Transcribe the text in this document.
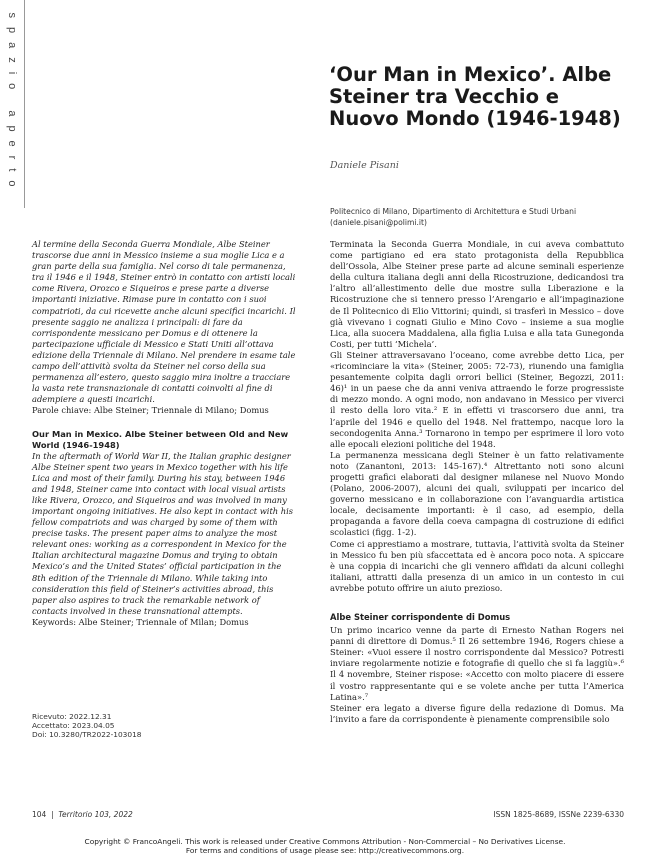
spazio aperto	‘Our Man in Mexico’. Albe Steiner tra Vecchio e Nuovo Mondo (1946-1948)
Daniele Pisani
Politecnico di Milano, Dipartimento di Architettura e Studi Urbani
(daniele.pisani@polimi.it)

Al termine della Seconda Guerra Mondiale, Albe Steiner trascorse due anni in Messico insieme a sua moglie Lica e a gran parte della sua famiglia. Nel corso di tale permanenza, tra il 1946 e il 1948, Steiner entrò in contatto con artisti locali come Rivera, Orozco e Siqueiros e prese parte a diverse importanti iniziative. Rimase pure in contatto con i suoi compatrioti, da cui ricevette anche alcuni specifici incarichi. Il presente saggio ne analizza i principali: di fare da corrispondente messicano per Domus e di ottenere la partecipazione ufficiale di Messico e Stati Uniti all’ottava edizione della Triennale di Milano. Nel prendere in esame tale campo dell’attività svolta da Steiner nel corso della sua permanenza all’estero, questo saggio mira inoltre a tracciare la vasta rete transnazionale di contatti coinvolti al fine di adempiere a questi incarichi.

Parole chiave: Albe Steiner; Triennale di Milano; Domus

Our Man in Mexico. Albe Steiner between Old and New World (1946-1948)

In the aftermath of World War II, the Italian graphic designer Albe Steiner spent two years in Mexico together with his life Lica and most of their family. During his stay, between 1946 and 1948, Steiner came into contact with local visual artists like Rivera, Orozco, and Siqueiros and was involved in many important ongoing initiatives. He also kept in contact with his fellow compatriots and was charged by some of them with precise tasks. The present paper aims to analyze the most relevant ones: working as a correspondent in Mexico for the Italian architectural magazine Domus and trying to obtain Mexico’s and the United States’ official participation in the 8th edition of the Triennale di Milano. While taking into consideration this field of Steiner’s activities abroad, this paper also aspires to track the remarkable network of contacts involved in these transnational attempts.

Keywords: Albe Steiner; Triennale of Milan; Domus

Ricevuto: 2022.12.31
Accettato: 2023.04.05
Doi: 10.3280/TR2022-103018

Terminata la Seconda Guerra Mondiale, in cui aveva combattuto come partigiano ed era stato protagonista della Repubblica dell’Ossola, Albe Steiner prese parte ad alcune seminali esperienze della cultura italiana degli anni della Ricostruzione, dedicandosi tra l’altro all’allestimento delle due mostre sulla Liberazione e la Ricostruzione che si tennero presso l’Arengario e all’impaginazione de Il Politecnico di Elio Vittorini; quindi, si trasferì in Messico – dove già vivevano i cognati Giulio e Mino Covo – insieme a sua moglie Lica, alla suocera Maddalena, alla figlia Luisa e alla tata Gunegonda Costi, per tutti ‘Michela’.

Gli Steiner attraversavano l’oceano, come avrebbe detto Lica, per «ricominciare la vita» (Steiner, 2005: 72-73), riunendo una famiglia pesantemente colpita dagli orrori bellici (Steiner, Begozzi, 2011: 46)¹ in un paese che da anni veniva attraendo le forze progressiste di mezzo mondo. A ogni modo, non andavano in Messico per viverci il resto della loro vita.² E in effetti vi trascorsero due anni, tra l’aprile del 1946 e quello del 1948. Nel frattempo, nacque loro la secondogenita Anna.³ Tornarono in tempo per esprimere il loro voto alle epocali elezioni politiche del 1948.

La permanenza messicana degli Steiner è un fatto relativamente noto (Zanantoni, 2013: 145-167).⁴ Altrettanto noti sono alcuni progetti grafici elaborati dal designer milanese nel Nuovo Mondo (Polano, 2006-2007), alcuni dei quali, sviluppati per incarico del governo messicano e in collaborazione con l’avanguardia artistica locale, decisamente importanti: è il caso, ad esempio, della propaganda a favore della coeva campagna di costruzione di edifici scolastici (figg. 1-2).

Come ci apprestiamo a mostrare, tuttavia, l’attività svolta da Steiner in Messico fu ben più sfaccettata ed è ancora poco nota. A spiccare è una coppia di incarichi che gli vennero affidati da alcuni colleghi italiani, attratti dalla presenza di un amico in un contesto in cui avrebbe potuto offrire un aiuto prezioso.

Albe Steiner corrispondente di Domus

Un primo incarico venne da parte di Ernesto Nathan Rogers nei panni di direttore di Domus.⁵ Il 26 settembre 1946, Rogers chiese a Steiner: «Vuoi essere il nostro corrispondente dal Messico? Potresti inviare regolarmente notizie e fotografie di quello che si fa laggiù».⁶ Il 4 novembre, Steiner rispose: «Accetto con molto piacere di essere il vostro rappresentante qui e se volete anche per tutta l’America Latina».⁷

Steiner era legato a diverse figure della redazione di Domus. Ma l’invito a fare da corrispondente è pienamente comprensibile solo

104  |  Territorio 103, 2022	ISSN 1825-8689, ISSNe 2239-6330
Copyright © FrancoAngeli. This work is released under Creative Commons Attribution - Non-Commercial – No Derivatives License.
For terms and conditions of usage please see: http://creativecommons.org.
